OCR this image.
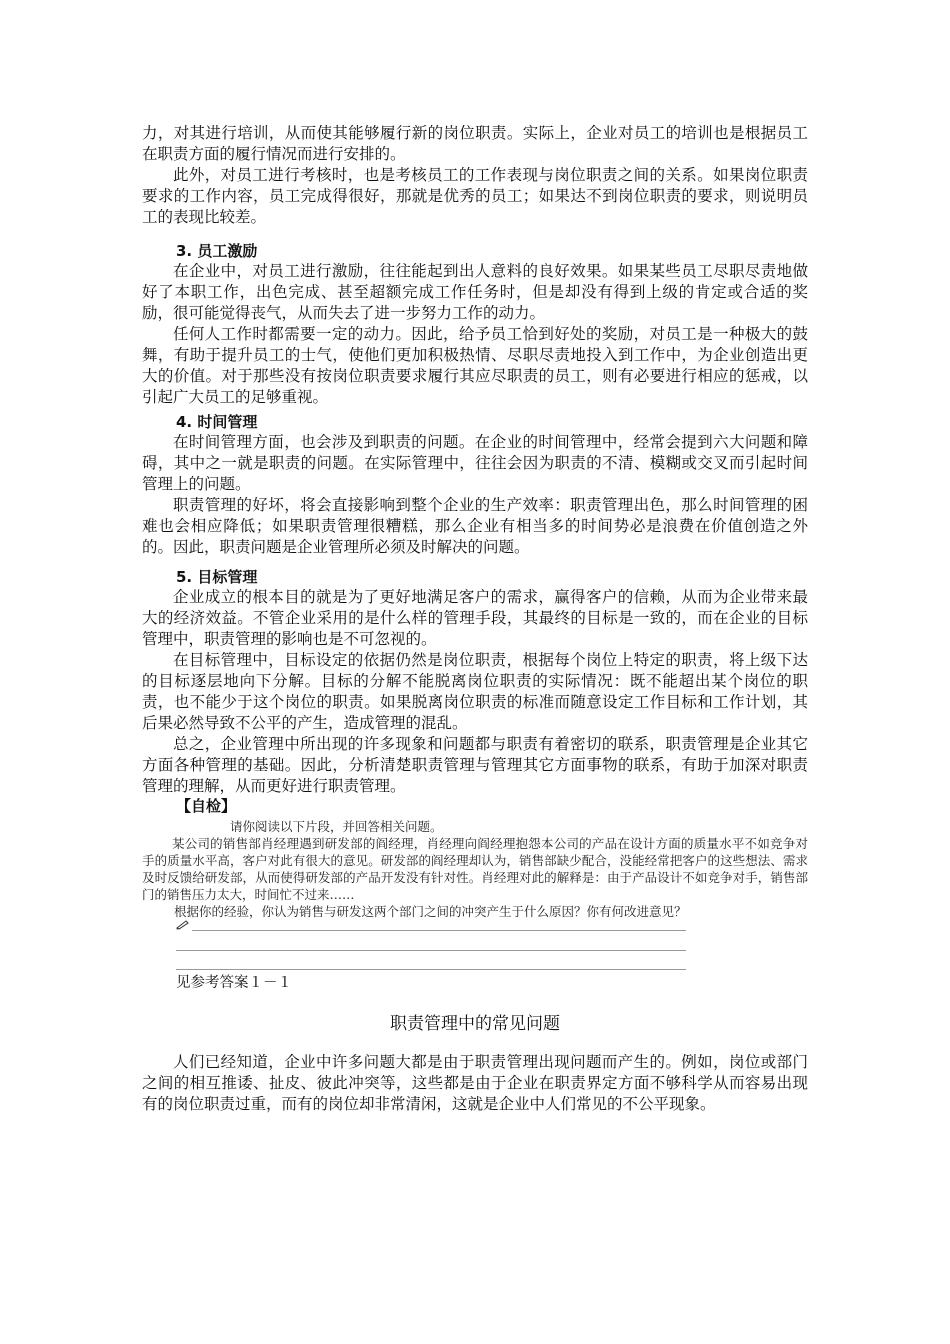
力，对其进行培训，从而使其能够履行新的岗位职责。实际上，企业对员工的培训也是根据员工在职责方面的履行情况而进行安排的。

此外，对员工进行考核时，也是考核员工的工作表现与岗位职责之间的关系。如果岗位职责要求的工作内容，员工完成得很好，那就是优秀的员工；如果达不到岗位职责的要求，则说明员工的表现比较差。

3. 员工激励

在企业中，对员工进行激励，往往能起到出人意料的良好效果。如果某些员工尽职尽责地做好了本职工作，出色完成、甚至超额完成工作任务时，但是却没有得到上级的肯定或合适的奖励，很可能觉得丧气，从而失去了进一步努力工作的动力。

任何人工作时都需要一定的动力。因此，给予员工恰到好处的奖励，对员工是一种极大的鼓舞，有助于提升员工的士气，使他们更加积极热情、尽职尽责地投入到工作中，为企业创造出更大的价值。对于那些没有按岗位职责要求履行其应尽职责的员工，则有必要进行相应的惩戒，以引起广大员工的足够重视。

4. 时间管理

在时间管理方面，也会涉及到职责的问题。在企业的时间管理中，经常会提到六大问题和障碍，其中之一就是职责的问题。在实际管理中，往往会因为职责的不清、模糊或交叉而引起时间管理上的问题。

职责管理的好坏，将会直接影响到整个企业的生产效率：职责管理出色，那么时间管理的困难也会相应降低；如果职责管理很糟糕，那么企业有相当多的时间势必是浪费在价值创造之外的。因此，职责问题是企业管理所必须及时解决的问题。

5. 目标管理

企业成立的根本目的就是为了更好地满足客户的需求，赢得客户的信赖，从而为企业带来最大的经济效益。不管企业采用的是什么样的管理手段，其最终的目标是一致的，而在企业的目标管理中，职责管理的影响也是不可忽视的。

在目标管理中，目标设定的依据仍然是岗位职责，根据每个岗位上特定的职责，将上级下达的目标逐层地向下分解。目标的分解不能脱离岗位职责的实际情况：既不能超出某个岗位的职责，也不能少于这个岗位的职责。如果脱离岗位职责的标准而随意设定工作目标和工作计划，其后果必然导致不公平的产生，造成管理的混乱。

总之，企业管理中所出现的许多现象和问题都与职责有着密切的联系，职责管理是企业其它方面各种管理的基础。因此，分析清楚职责管理与管理其它方面事物的联系，有助于加深对职责管理的理解，从而更好进行职责管理。

【自检】

请你阅读以下片段，并回答相关问题。

某公司的销售部肖经理遇到研发部的阎经理，肖经理向阎经理抱怨本公司的产品在设计方面的质量水平不如竞争对手的质量水平高，客户对此有很大的意见。研发部的阎经理却认为，销售部缺少配合，没能经常把客户的这些想法、需求及时反馈给研发部，从而使得研发部的产品开发没有针对性。肖经理对此的解释是：由于产品设计不如竞争对手，销售部门的销售压力太大，时间忙不过来……

根据你的经验，你认为销售与研发这两个部门之间的冲突产生于什么原因？你有何改进意见？

见参考答案１－１
职责管理中的常见问题

人们已经知道，企业中许多问题大都是由于职责管理出现问题而产生的。例如，岗位或部门之间的相互推诿、扯皮、彼此冲突等，这些都是由于企业在职责界定方面不够科学从而容易出现有的岗位职责过重，而有的岗位却非常清闲，这就是企业中人们常见的不公平现象。
